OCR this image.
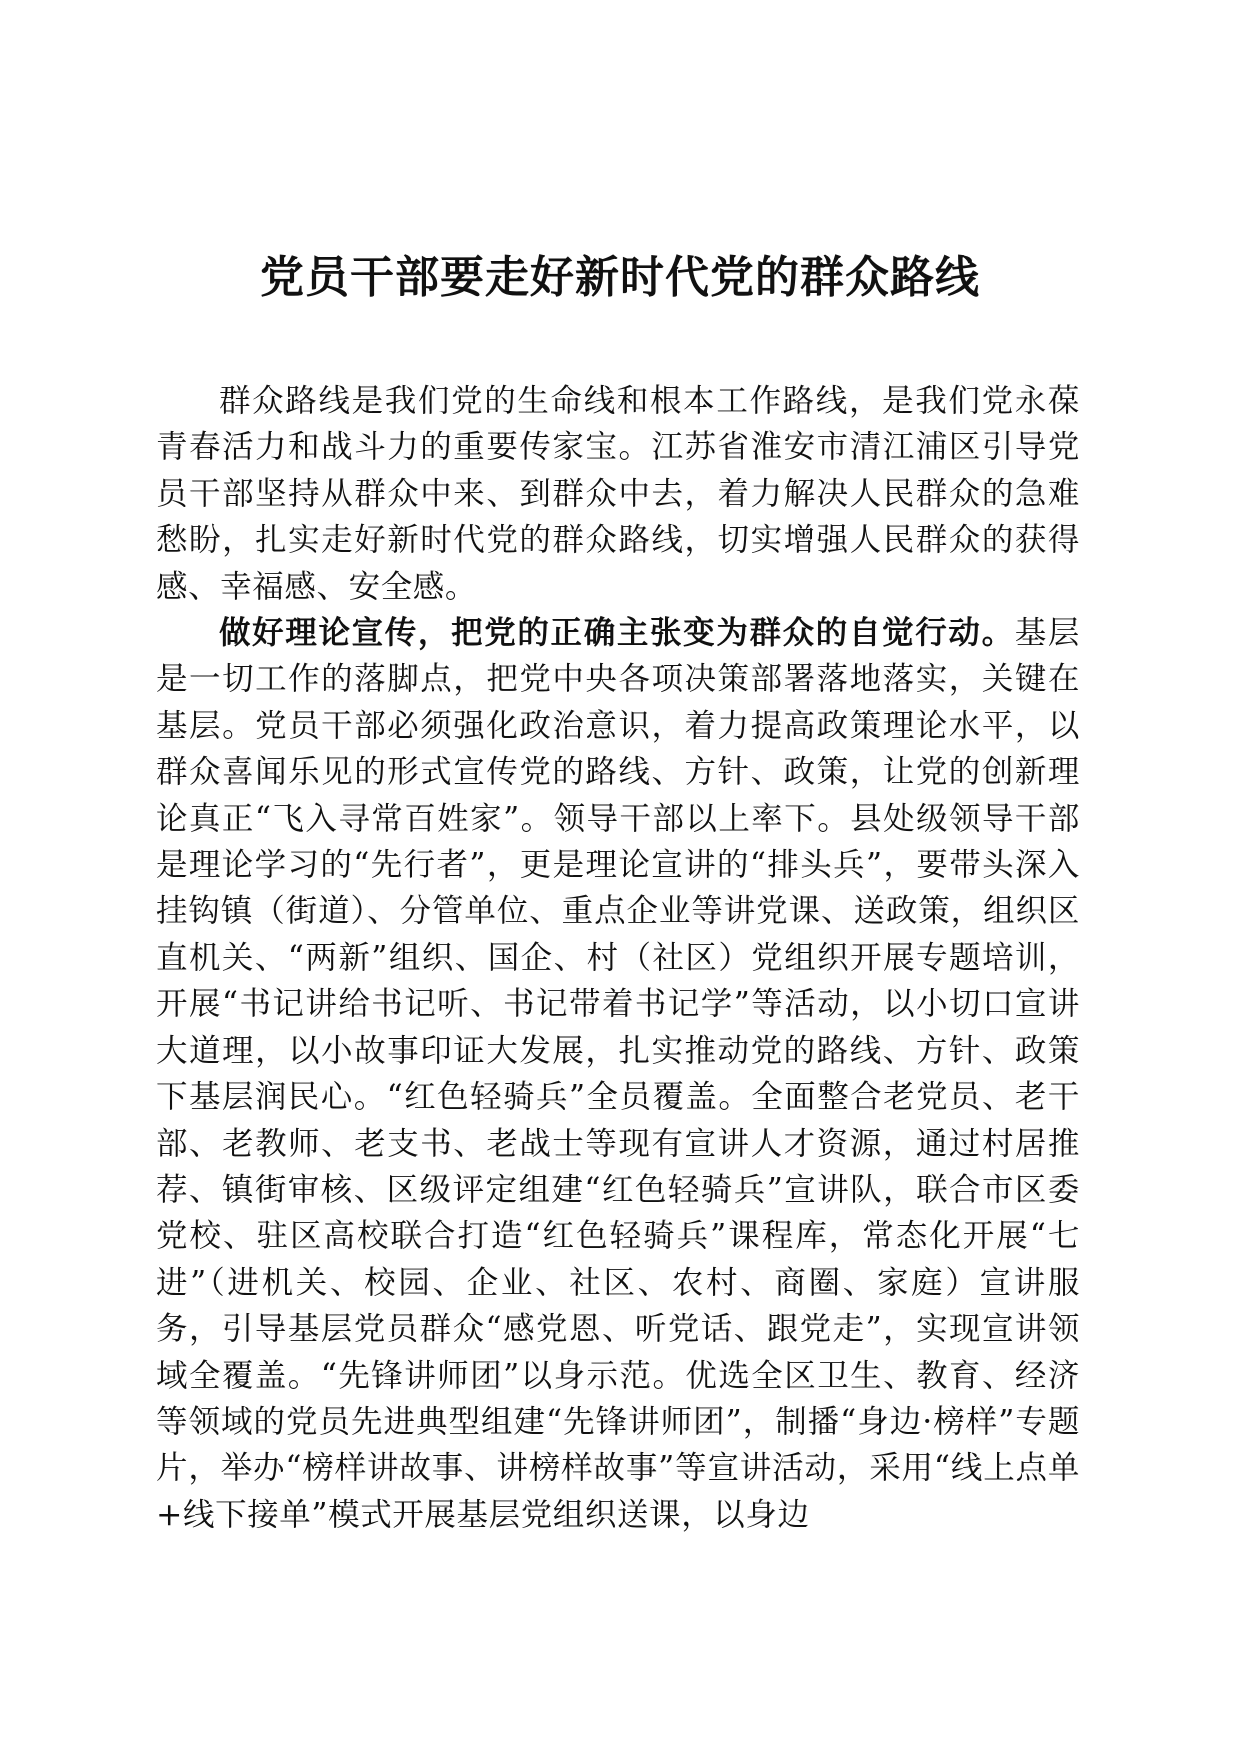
党员干部要走好新时代党的群众路线

群众路线是我们党的生命线和根本工作路线，是我们党永葆青春活力和战斗力的重要传家宝。江苏省淮安市清江浦区引导党员干部坚持从群众中来、到群众中去，着力解决人民群众的急难愁盼，扎实走好新时代党的群众路线，切实增强人民群众的获得感、幸福感、安全感。

做好理论宣传，把党的正确主张变为群众的自觉行动。基层是一切工作的落脚点，把党中央各项决策部署落地落实，关键在基层。党员干部必须强化政治意识，着力提高政策理论水平，以群众喜闻乐见的形式宣传党的路线、方针、政策，让党的创新理论真正“飞入寻常百姓家”。领导干部以上率下。县处级领导干部是理论学习的“先行者”，更是理论宣讲的“排头兵”，要带头深入挂钩镇（街道）、分管单位、重点企业等讲党课、送政策，组织区直机关、“两新”组织、国企、村（社区）党组织开展专题培训，开展“书记讲给书记听、书记带着书记学”等活动，以小切口宣讲大道理，以小故事印证大发展，扎实推动党的路线、方针、政策下基层润民心。“红色轻骑兵”全员覆盖。全面整合老党员、老干部、老教师、老支书、老战士等现有宣讲人才资源，通过村居推荐、镇街审核、区级评定组建“红色轻骑兵”宣讲队，联合市区委党校、驻区高校联合打造“红色轻骑兵”课程库，常态化开展“七进”（进机关、校园、企业、社区、农村、商圈、家庭）宣讲服务，引导基层党员群众“感党恩、听党话、跟党走”，实现宣讲领域全覆盖。“先锋讲师团”以身示范。优选全区卫生、教育、经济等领域的党员先进典型组建“先锋讲师团”，制播“身边·榜样”专题片，举办“榜样讲故事、讲榜样故事”等宣讲活动，采用“线上点单+线下接单”模式开展基层党组织送课，以身边
